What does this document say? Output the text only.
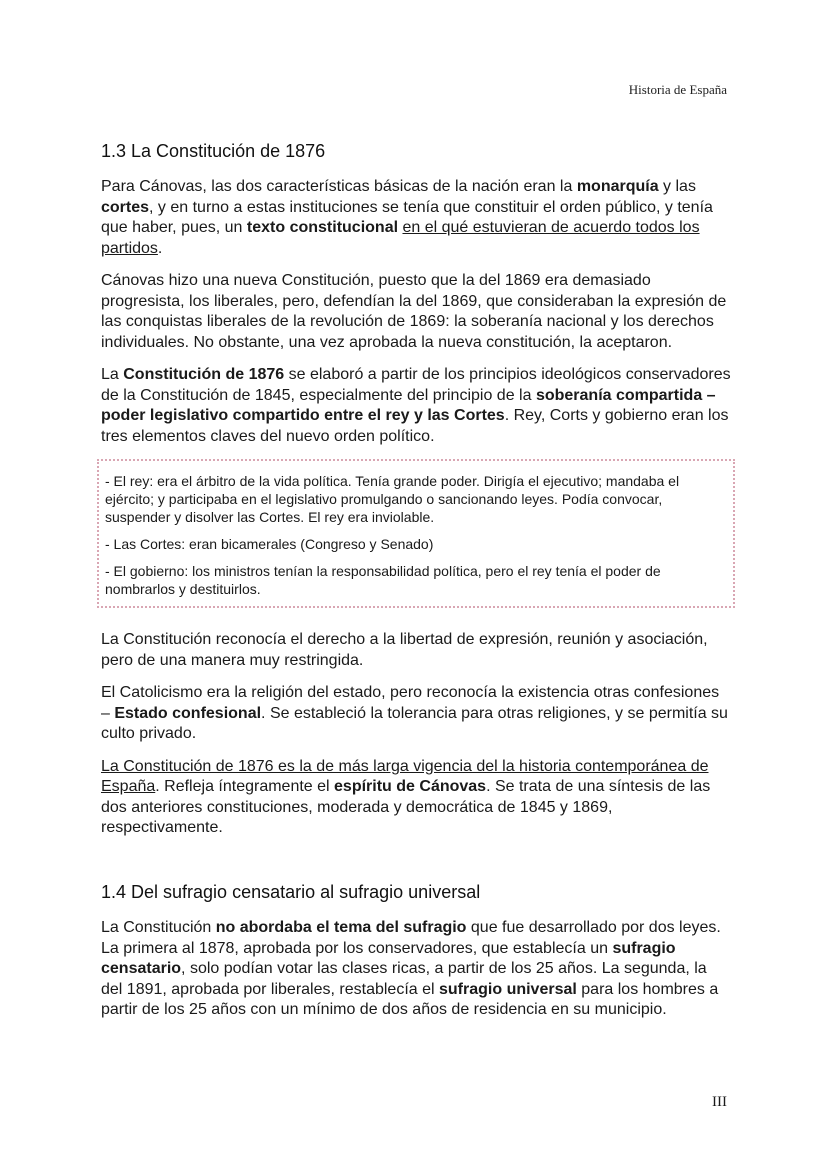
Historia de España
1.3 La Constitución de 1876

Para Cánovas, las dos características básicas de la nación eran la monarquía y las cortes, y en turno a estas instituciones se tenía que constituir el orden público, y tenía que haber, pues, un texto constitucional en el qué estuvieran de acuerdo todos los partidos.

Cánovas hizo una nueva Constitución, puesto que la del 1869 era demasiado progresista, los liberales, pero, defendían la del 1869, que consideraban la expresión de las conquistas liberales de la revolución de 1869: la soberanía nacional y los derechos individuales. No obstante, una vez aprobada la nueva constitución, la aceptaron.

La Constitución de 1876 se elaboró a partir de los principios ideológicos conservadores de la Constitución de 1845, especialmente del principio de la soberanía compartida – poder legislativo compartido entre el rey y las Cortes. Rey, Corts y gobierno eran los tres elementos claves del nuevo orden político.

- El rey: era el árbitro de la vida política. Tenía grande poder. Dirigía el ejecutivo; mandaba el ejército; y participaba en el legislativo promulgando o sancionando leyes. Podía convocar, suspender y disolver las Cortes. El rey era inviolable.

- Las Cortes: eran bicamerales (Congreso y Senado)

- El gobierno: los ministros tenían la responsabilidad política, pero el rey tenía el poder de nombrarlos y destituirlos.

La Constitución reconocía el derecho a la libertad de expresión, reunión y asociación, pero de una manera muy restringida.

El Catolicismo era la religión del estado, pero reconocía la existencia otras confesiones – Estado confesional. Se estableció la tolerancia para otras religiones, y se permitía su culto privado.

La Constitución de 1876 es la de más larga vigencia del la historia contemporánea de España. Refleja íntegramente el espíritu de Cánovas. Se trata de una síntesis de las dos anteriores constituciones, moderada y democrática de 1845 y 1869, respectivamente.

1.4 Del sufragio censatario al sufragio universal

La Constitución no abordaba el tema del sufragio que fue desarrollado por dos leyes. La primera al 1878, aprobada por los conservadores, que establecía un sufragio censatario, solo podían votar las clases ricas, a partir de los 25 años. La segunda, la del 1891, aprobada por liberales, restablecía el sufragio universal para los hombres a partir de los 25 años con un mínimo de dos años de residencia en su municipio.

III
